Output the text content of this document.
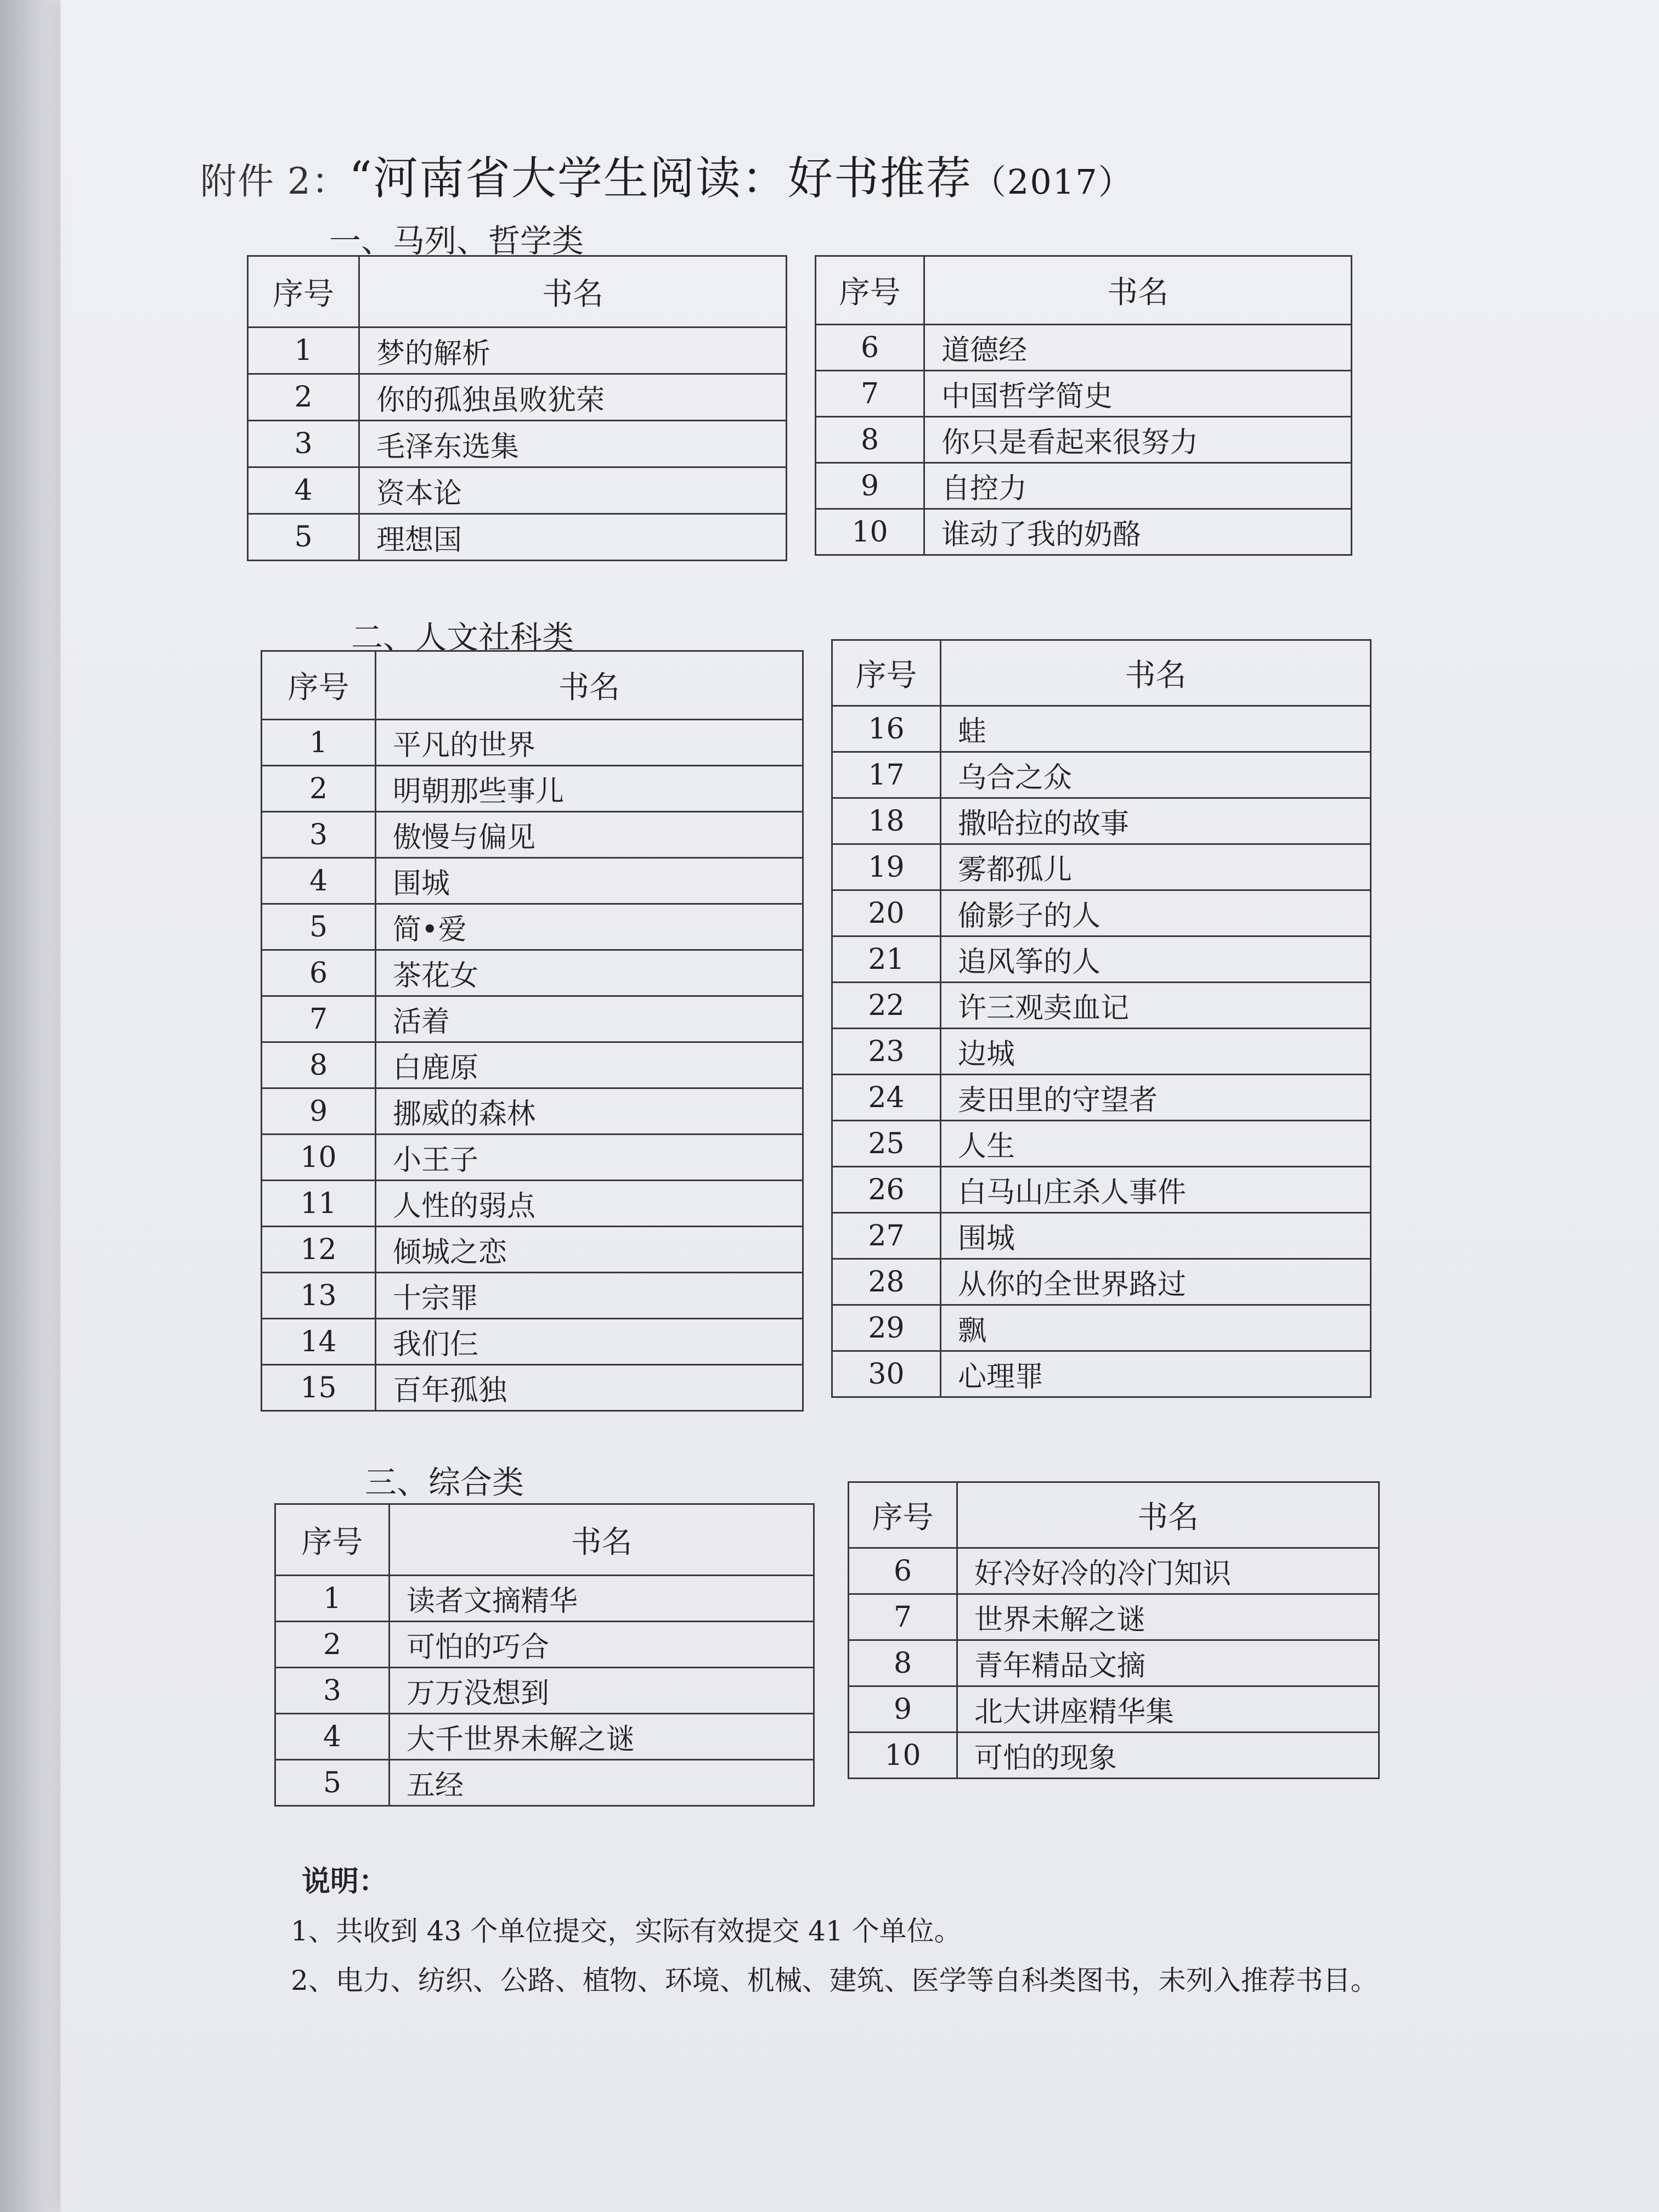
附件 2：“河南省大学生阅读：好书推荐（2017）
一、马列、哲学类
序号	书名
1	梦的解析
2	你的孤独虽败犹荣
3	毛泽东选集
4	资本论
5	理想国
序号	书名
6	道德经
7	中国哲学简史
8	你只是看起来很努力
9	自控力
10	谁动了我的奶酪
二、人文社科类
序号	书名
1	平凡的世界
2	明朝那些事儿
3	傲慢与偏见
4	围城
5	简•爱
6	茶花女
7	活着
8	白鹿原
9	挪威的森林
10	小王子
11	人性的弱点
12	倾城之恋
13	十宗罪
14	我们仨
15	百年孤独
序号	书名
16	蛙
17	乌合之众
18	撒哈拉的故事
19	雾都孤儿
20	偷影子的人
21	追风筝的人
22	许三观卖血记
23	边城
24	麦田里的守望者
25	人生
26	白马山庄杀人事件
27	围城
28	从你的全世界路过
29	飘
30	心理罪
三、综合类
序号	书名
1	读者文摘精华
2	可怕的巧合
3	万万没想到
4	大千世界未解之谜
5	五经
序号	书名
6	好冷好冷的冷门知识
7	世界未解之谜
8	青年精品文摘
9	北大讲座精华集
10	可怕的现象
说明：

1、共收到 43 个单位提交，实际有效提交 41 个单位。

2、电力、纺织、公路、植物、环境、机械、建筑、医学等自科类图书，未列入推荐书目。
